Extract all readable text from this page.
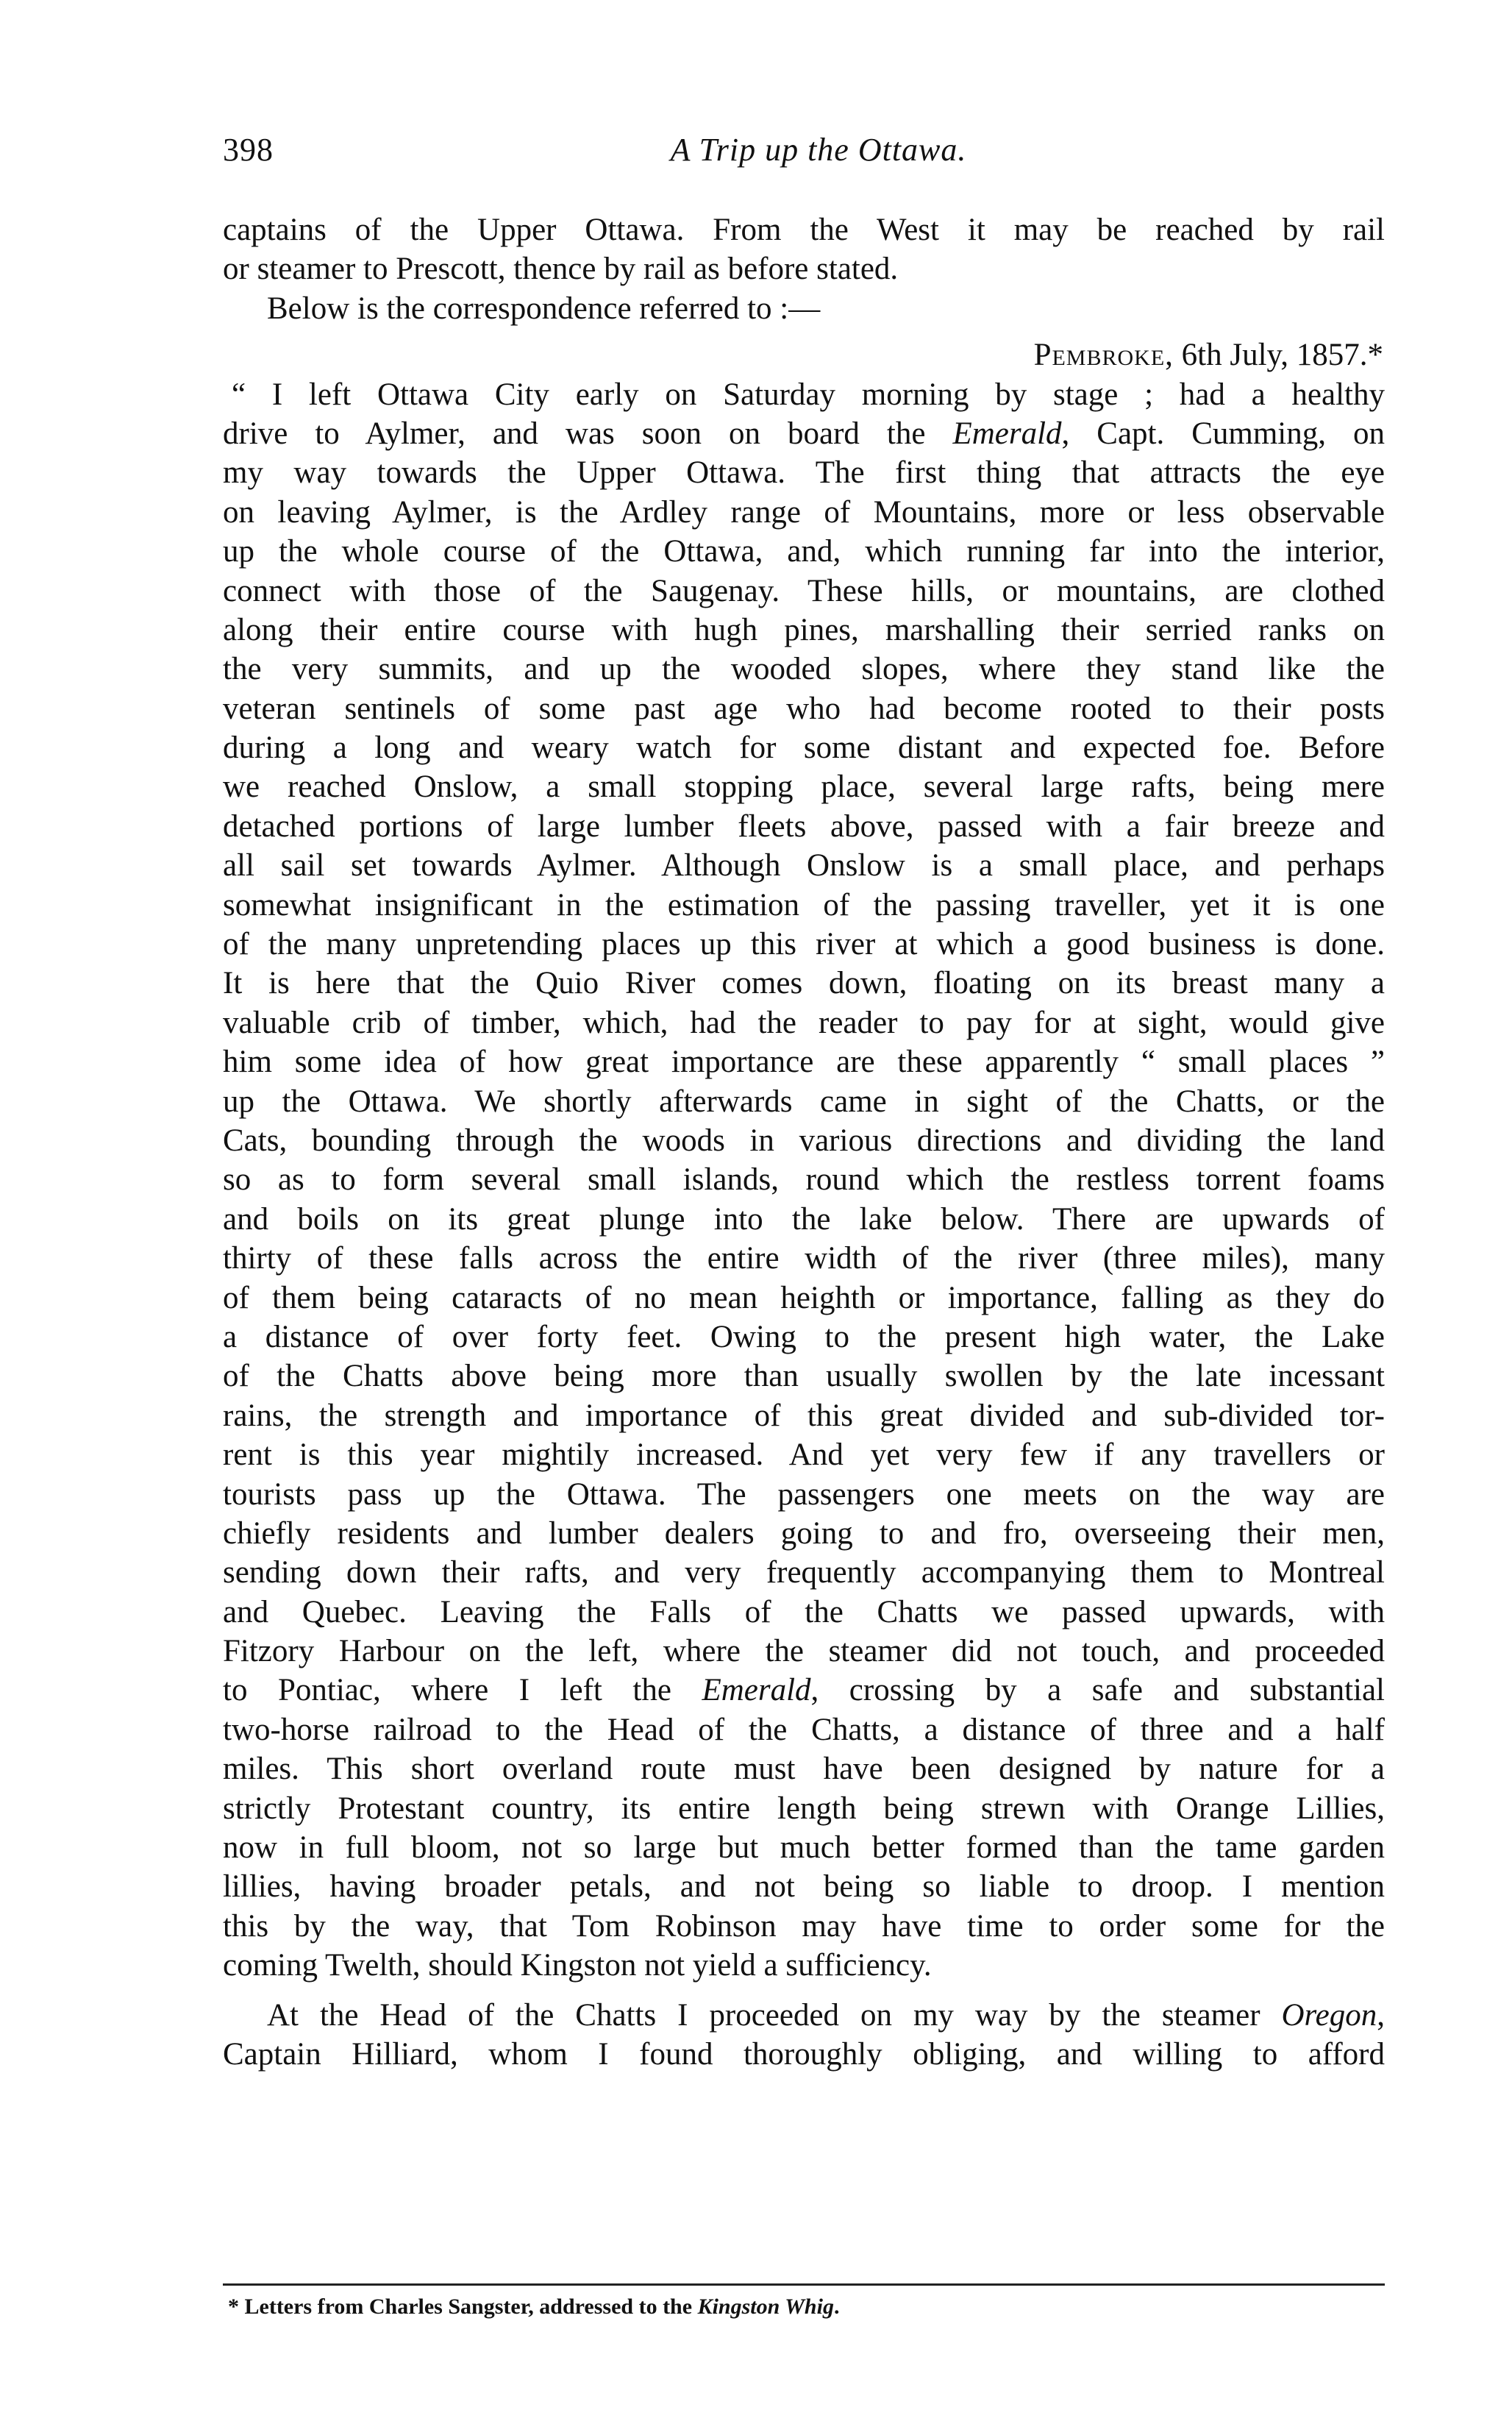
398	A Trip up the Ottawa.
captains of the Upper Ottawa. From the West it may be reached by rail
or steamer to Prescott, thence by rail as before stated.
Below is the correspondence referred to :—
Pembroke, 6th July, 1857.*
“ I left Ottawa City early on Saturday morning by stage ; had a healthy
drive to Aylmer, and was soon on board the Emerald, Capt. Cumming, on
my way towards the Upper Ottawa. The first thing that attracts the eye
on leaving Aylmer, is the Ardley range of Mountains, more or less observable
up the whole course of the Ottawa, and, which running far into the interior,
connect with those of the Saugenay. These hills, or mountains, are clothed
along their entire course with hugh pines, marshalling their serried ranks on
the very summits, and up the wooded slopes, where they stand like the
veteran sentinels of some past age who had become rooted to their posts
during a long and weary watch for some distant and expected foe. Before
we reached Onslow, a small stopping place, several large rafts, being mere
detached portions of large lumber fleets above, passed with a fair breeze and
all sail set towards Aylmer. Although Onslow is a small place, and perhaps
somewhat insignificant in the estimation of the passing traveller, yet it is one
of the many unpretending places up this river at which a good business is done.
It is here that the Quio River comes down, floating on its breast many a
valuable crib of timber, which, had the reader to pay for at sight, would give
him some idea of how great importance are these apparently “ small places ”
up the Ottawa. We shortly afterwards came in sight of the Chatts, or the
Cats, bounding through the woods in various directions and dividing the land
so as to form several small islands, round which the restless torrent foams
and boils on its great plunge into the lake below. There are upwards of
thirty of these falls across the entire width of the river (three miles), many
of them being cataracts of no mean heighth or importance, falling as they do
a distance of over forty feet. Owing to the present high water, the Lake
of the Chatts above being more than usually swollen by the late incessant
rains, the strength and importance of this great divided and sub-divided tor-
rent is this year mightily increased. And yet very few if any travellers or
tourists pass up the Ottawa. The passengers one meets on the way are
chiefly residents and lumber dealers going to and fro, overseeing their men,
sending down their rafts, and very frequently accompanying them to Montreal
and Quebec. Leaving the Falls of the Chatts we passed upwards, with
Fitzory Harbour on the left, where the steamer did not touch, and proceeded
to Pontiac, where I left the Emerald, crossing by a safe and substantial
two-horse railroad to the Head of the Chatts, a distance of three and a half
miles. This short overland route must have been designed by nature for a
strictly Protestant country, its entire length being strewn with Orange Lillies,
now in full bloom, not so large but much better formed than the tame garden
lillies, having broader petals, and not being so liable to droop. I mention
this by the way, that Tom Robinson may have time to order some for the
coming Twelth, should Kingston not yield a sufficiency.
At the Head of the Chatts I proceeded on my way by the steamer Oregon,
Captain Hilliard, whom I found thoroughly obliging, and willing to afford
* Letters from Charles Sangster, addressed to the Kingston Whig.
